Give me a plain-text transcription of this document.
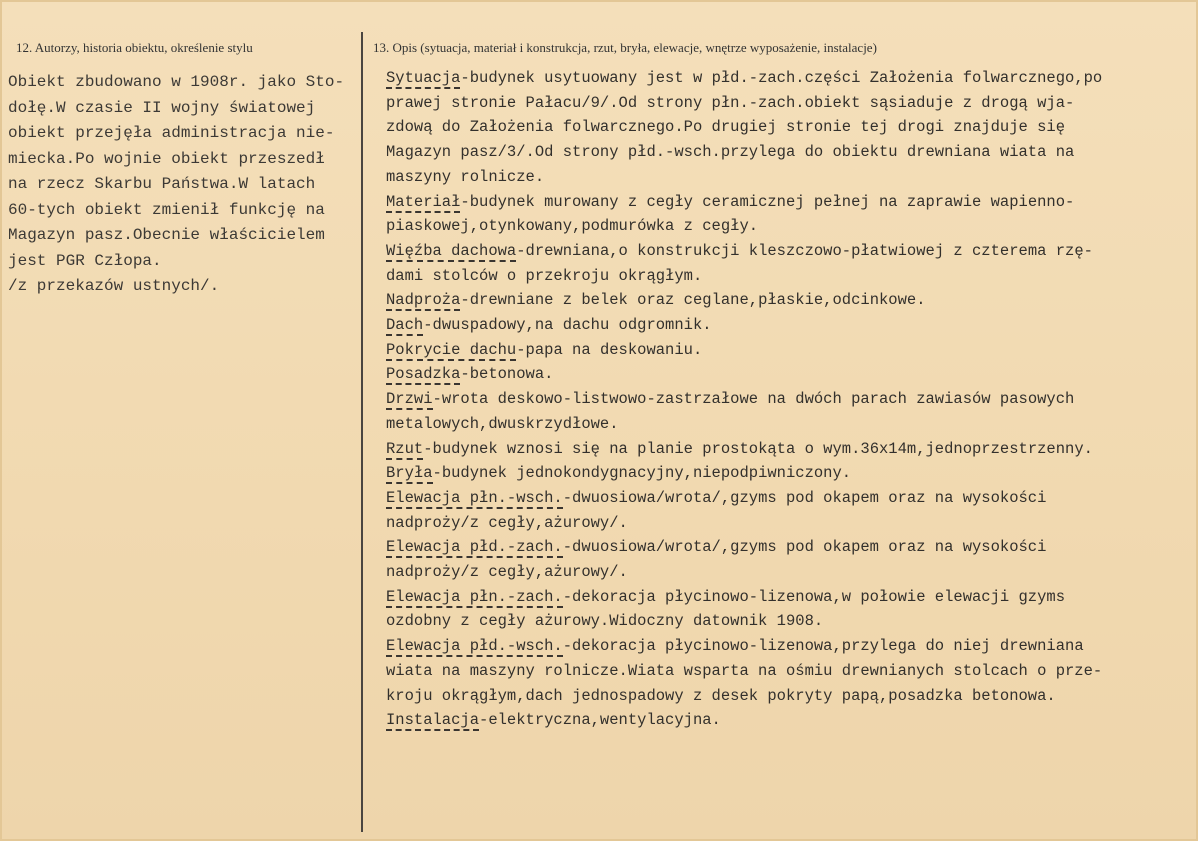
12. Autorzy, historia obiektu, określenie stylu	13. Opis (sytuacja, materiał i konstrukcja, rzut, bryła, elewacje, wnętrze wyposażenie, instalacje)
Obiekt zbudowano w 1908r. jako Sto-
dołę.W czasie II wojny światowej
obiekt przejęła administracja nie-
miecka.Po wojnie obiekt przeszedł
na rzecz Skarbu Państwa.W latach
60-tych obiekt zmienił funkcję na
Magazyn pasz.Obecnie właścicielem
jest PGR Człopa.
/z przekazów ustnych/.
Sytuacja-budynek usytuowany jest w płd.-zach.części Założenia folwarcznego,po
prawej stronie Pałacu/9/.Od strony płn.-zach.obiekt sąsiaduje z drogą wja-
zdową do Założenia folwarcznego.Po drugiej stronie tej drogi znajduje się
Magazyn pasz/3/.Od strony płd.-wsch.przylega do obiektu drewniana wiata na
maszyny rolnicze.
Materiał-budynek murowany z cegły ceramicznej pełnej na zaprawie wapienno-
piaskowej,otynkowany,podmurówka z cegły.
Więźba dachowa-drewniana,o konstrukcji kleszczowo-płatwiowej z czterema rzę-
dami stolców o przekroju okrągłym.
Nadproża-drewniane z belek oraz ceglane,płaskie,odcinkowe.
Dach-dwuspadowy,na dachu odgromnik.
Pokrycie dachu-papa na deskowaniu.
Posadzka-betonowa.
Drzwi-wrota deskowo-listwowo-zastrzałowe na dwóch parach zawiasów pasowych
metalowych,dwuskrzydłowe.
Rzut-budynek wznosi się na planie prostokąta o wym.36x14m,jednoprzestrzenny.
Bryła-budynek jednokondygnacyjny,niepodpiwniczony.
Elewacja płn.-wsch.-dwuosiowa/wrota/,gzyms pod okapem oraz na wysokości
nadproży/z cegły,ażurowy/.
Elewacja płd.-zach.-dwuosiowa/wrota/,gzyms pod okapem oraz na wysokości
nadproży/z cegły,ażurowy/.
Elewacja płn.-zach.-dekoracja płycinowo-lizenowa,w połowie elewacji gzyms
ozdobny z cegły ażurowy.Widoczny datownik 1908.
Elewacja płd.-wsch.-dekoracja płycinowo-lizenowa,przylega do niej drewniana
wiata na maszyny rolnicze.Wiata wsparta na ośmiu drewnianych stolcach o prze-
kroju okrągłym,dach jednospadowy z desek pokryty papą,posadzka betonowa.
Instalacja-elektryczna,wentylacyjna.
